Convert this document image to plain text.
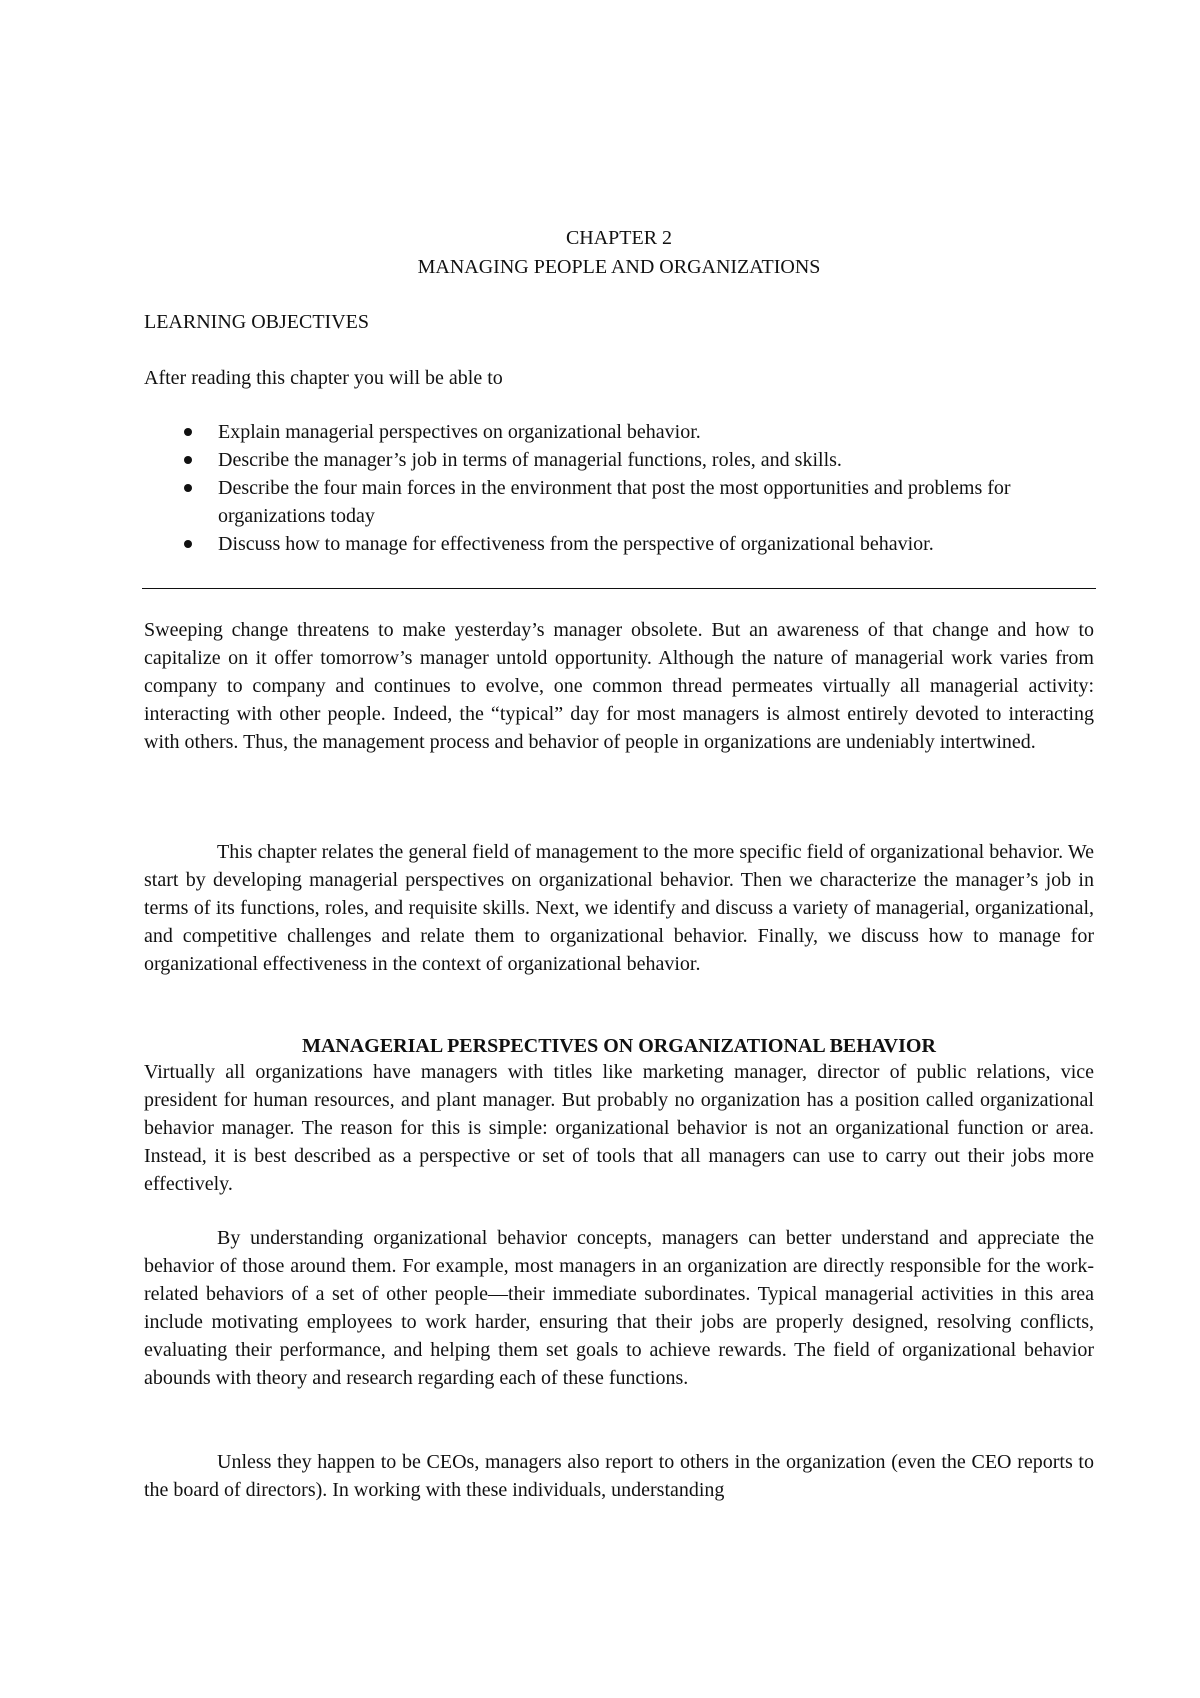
CHAPTER 2
MANAGING PEOPLE AND ORGANIZATIONS
LEARNING OBJECTIVES
After reading this chapter you will be able to
Explain managerial perspectives on organizational behavior.
Describe the manager’s job in terms of managerial functions, roles, and skills.
Describe the four main forces in the environment that post the most opportunities and problems for organizations today
Discuss how to manage for effectiveness from the perspective of organizational behavior.

Sweeping change threatens to make yesterday’s manager obsolete. But an awareness of that change and how to capitalize on it offer tomorrow’s manager untold opportunity. Although the nature of managerial work varies from company to company and continues to evolve, one common thread permeates virtually all managerial activity: interacting with other people. Indeed, the “typical” day for most managers is almost entirely devoted to interacting with others. Thus, the management process and behavior of people in organizations are undeniably intertwined.

This chapter relates the general field of management to the more specific field of organizational behavior. We start by developing managerial perspectives on organizational behavior. Then we characterize the manager’s job in terms of its functions, roles, and requisite skills. Next, we identify and discuss a variety of managerial, organizational, and competitive challenges and relate them to organizational behavior. Finally, we discuss how to manage for organizational effectiveness in the context of organizational behavior.

MANAGERIAL PERSPECTIVES ON ORGANIZATIONAL BEHAVIOR

Virtually all organizations have managers with titles like marketing manager, director of public relations, vice president for human resources, and plant manager. But probably no organization has a position called organizational behavior manager. The reason for this is simple: organizational behavior is not an organizational function or area. Instead, it is best described as a perspective or set of tools that all managers can use to carry out their jobs more effectively.

By understanding organizational behavior concepts, managers can better understand and appreciate the behavior of those around them. For example, most managers in an organization are directly responsible for the work-related behaviors of a set of other people—their immediate subordinates. Typical managerial activities in this area include motivating employees to work harder, ensuring that their jobs are properly designed, resolving conflicts, evaluating their performance, and helping them set goals to achieve rewards. The field of organizational behavior abounds with theory and research regarding each of these functions.

Unless they happen to be CEOs, managers also report to others in the organization (even the CEO reports to the board of directors). In working with these individuals, understanding
